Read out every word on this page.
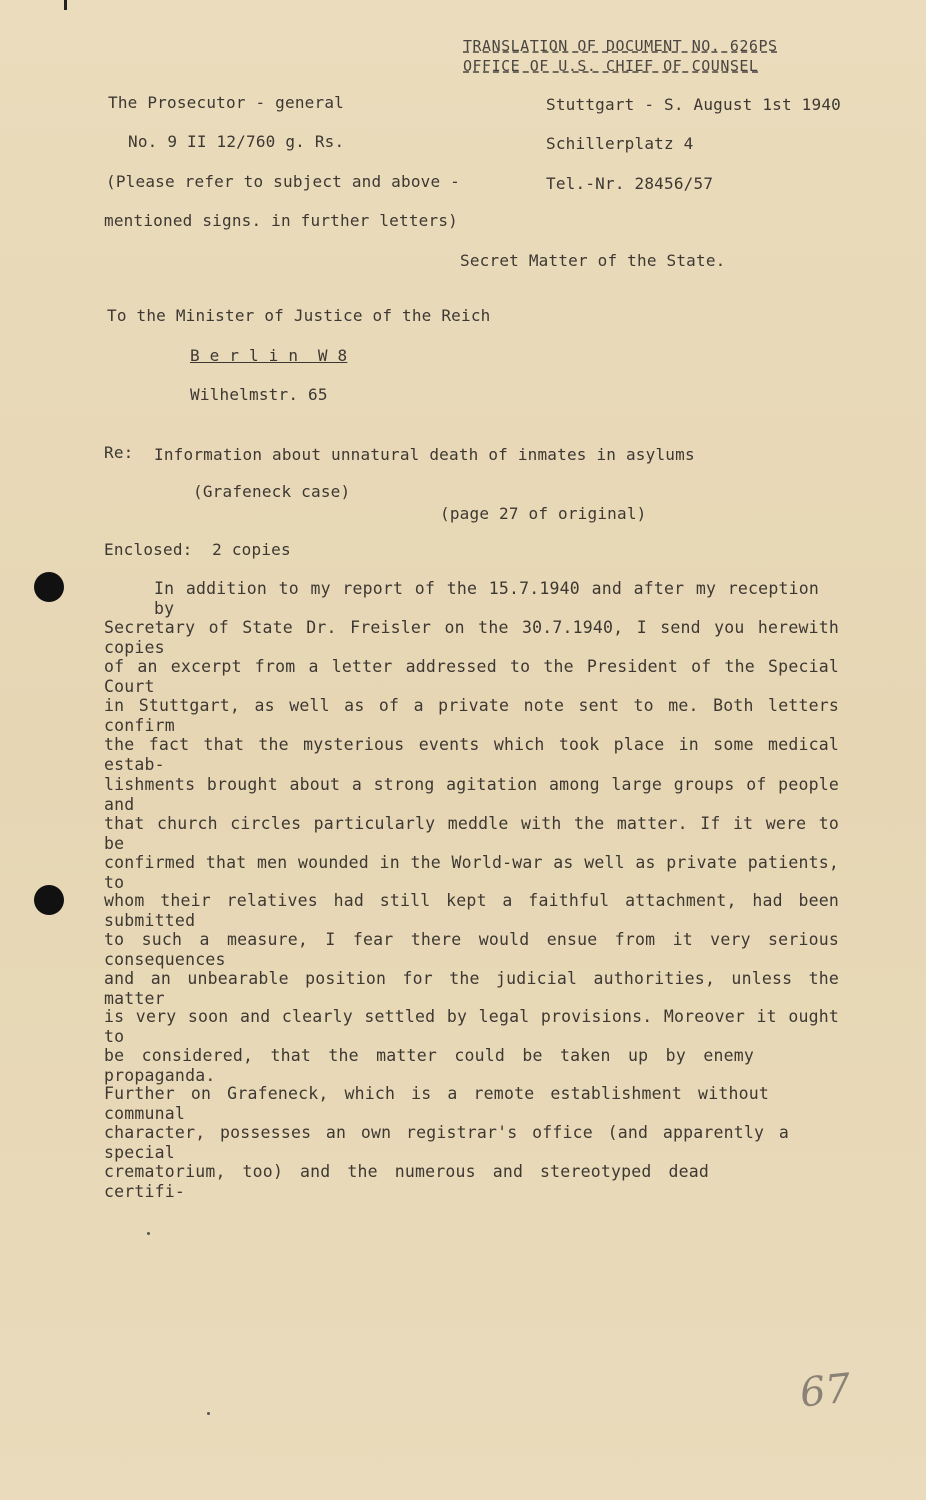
TRANSLATION OF DOCUMENT NO. 626PS
OFFICE OF U.S. CHIEF OF COUNSEL
The Prosecutor - general
No. 9 II 12/760 g. Rs.
(Please refer to subject and above -
mentioned signs. in further letters)
Stuttgart - S. August 1st 1940
Schillerplatz 4
Tel.-Nr. 28456/57
Secret Matter of the State.
To the Minister of Justice of the Reich
B e r l i n  W 8
Wilhelmstr. 65
Re: Information about unnatural death of inmates in asylums
(Grafeneck case)
(page 27 of original)
Enclosed:  2 copies
In addition to my report of the 15.7.1940 and after my reception by
Secretary of State Dr. Freisler on the 30.7.1940, I send you herewith copies
of an excerpt from a letter addressed to the President of the Special Court
in Stuttgart, as well as of a private note sent to me. Both letters confirm
the fact that the mysterious events which took place in some medical estab-
lishments brought about a strong agitation among large groups of people and
that church circles particularly meddle with the matter. If it were to be
confirmed that men wounded in the World-war as well as private patients, to
whom their relatives had still kept a faithful attachment, had been submitted
to such a measure, I fear there would ensue from it very serious consequences
and an unbearable position for the judicial authorities, unless the matter
is very soon and clearly settled by legal provisions. Moreover it ought to
be considered, that the matter could be taken up by enemy propaganda.
Further on Grafeneck, which is a remote establishment without communal
character, possesses an own registrar's office (and apparently a special
crematorium, too) and the numerous and stereotyped dead certifi-
67
